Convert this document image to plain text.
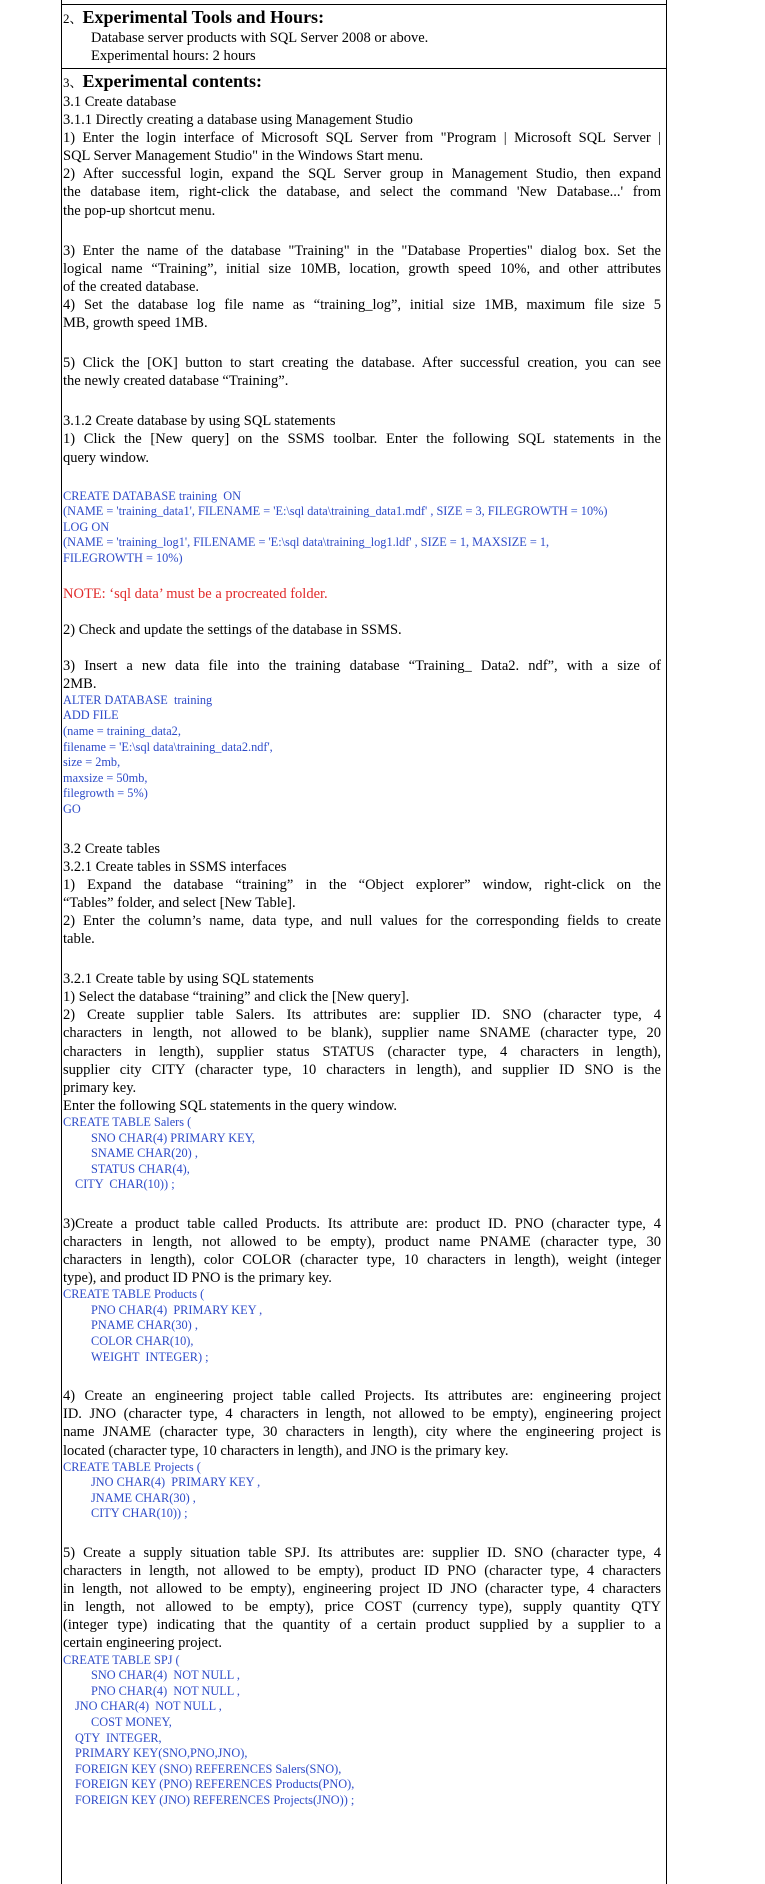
2、Experimental Tools and Hours:
Database server products with SQL Server 2008 or above.
Experimental hours: 2 hours
3、Experimental contents:
3.1 Create database
3.1.1 Directly creating a database using Management Studio
1) Enter the login interface of Microsoft SQL Server from "Program | Microsoft SQL Server |
SQL Server Management Studio" in the Windows Start menu.
2) After successful login, expand the SQL Server group in Management Studio, then expand
the database item, right-click the database, and select the command 'New Database...' from
the pop-up shortcut menu.
3) Enter the name of the database "Training" in the "Database Properties" dialog box. Set the
logical name “Training”, initial size 10MB, location, growth speed 10%, and other attributes
of the created database.
4) Set the database log file name as “training_log”, initial size 1MB, maximum file size 5
MB, growth speed 1MB.
5) Click the [OK] button to start creating the database. After successful creation, you can see
the newly created database “Training”.
3.1.2 Create database by using SQL statements
1) Click the [New query] on the SSMS toolbar. Enter the following SQL statements in the
query window.
CREATE DATABASE training  ON
(NAME = 'training_data1', FILENAME = 'E:\sql data\training_data1.mdf' , SIZE = 3, FILEGROWTH = 10%)
LOG ON
(NAME = 'training_log1', FILENAME = 'E:\sql data\training_log1.ldf' , SIZE = 1, MAXSIZE = 1,
FILEGROWTH = 10%)
NOTE: ‘sql data’ must be a procreated folder.
2) Check and update the settings of the database in SSMS.
3) Insert a new data file into the training database “Training_ Data2. ndf”, with a size of
2MB.
ALTER DATABASE  training
ADD FILE
(name = training_data2,
filename = 'E:\sql data\training_data2.ndf',
size = 2mb,
maxsize = 50mb,
filegrowth = 5%)
GO
3.2 Create tables
3.2.1 Create tables in SSMS interfaces
1) Expand the database “training” in the “Object explorer” window, right-click on the
“Tables” folder, and select [New Table].
2) Enter the column’s name, data type, and null values for the corresponding fields to create
table.
3.2.1 Create table by using SQL statements
1) Select the database “training” and click the [New query].
2) Create supplier table Salers. Its attributes are: supplier ID. SNO (character type, 4
characters in length, not allowed to be blank), supplier name SNAME (character type, 20
characters in length), supplier status STATUS (character type, 4 characters in length),
supplier city CITY (character type, 10 characters in length), and supplier ID SNO is the
primary key.
Enter the following SQL statements in the query window.
CREATE TABLE Salers (
SNO CHAR(4) PRIMARY KEY,
SNAME CHAR(20) ,
STATUS CHAR(4),
CITY  CHAR(10)) ;
3)Create a product table called Products. Its attribute are: product ID. PNO (character type, 4
characters in length, not allowed to be empty), product name PNAME (character type, 30
characters in length), color COLOR (character type, 10 characters in length), weight (integer
type), and product ID PNO is the primary key.
CREATE TABLE Products (
PNO CHAR(4)  PRIMARY KEY ,
PNAME CHAR(30) ,
COLOR CHAR(10),
WEIGHT  INTEGER) ;
4) Create an engineering project table called Projects. Its attributes are: engineering project
ID. JNO (character type, 4 characters in length, not allowed to be empty), engineering project
name JNAME (character type, 30 characters in length), city where the engineering project is
located (character type, 10 characters in length), and JNO is the primary key.
CREATE TABLE Projects (
JNO CHAR(4)  PRIMARY KEY ,
JNAME CHAR(30) ,
CITY CHAR(10)) ;
5) Create a supply situation table SPJ. Its attributes are: supplier ID. SNO (character type, 4
characters in length, not allowed to be empty), product ID PNO (character type, 4 characters
in length, not allowed to be empty), engineering project ID JNO (character type, 4 characters
in length, not allowed to be empty), price COST (currency type), supply quantity QTY
(integer type) indicating that the quantity of a certain product supplied by a supplier to a
certain engineering project.
CREATE TABLE SPJ (
SNO CHAR(4)  NOT NULL ,
PNO CHAR(4)  NOT NULL ,
JNO CHAR(4)  NOT NULL ,
COST MONEY,
QTY  INTEGER,
PRIMARY KEY(SNO,PNO,JNO),
FOREIGN KEY (SNO) REFERENCES Salers(SNO),
FOREIGN KEY (PNO) REFERENCES Products(PNO),
FOREIGN KEY (JNO) REFERENCES Projects(JNO)) ;
